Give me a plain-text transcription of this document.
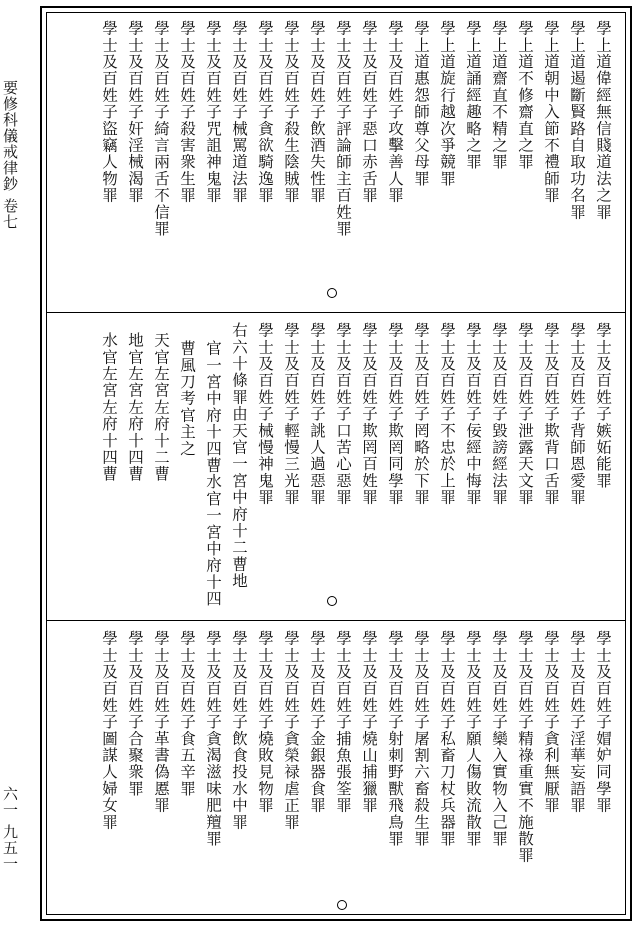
要修科儀戒律鈔 卷七
六一 九五一
學上道偉經無信賤道法之罪
學上道遏斷賢路自取功名罪
學上道朝中入節不禮師罪
學上道不修齋直之罪
學上道齋直不精之罪
學上道誦經趣略之罪
學上道旋行越次爭競罪
學上道惠怨師尊父母罪
學士及百姓子攻擊善人罪
學士及百姓子惡口赤舌罪
學士及百姓子評論師主百姓罪
學士及百姓子飲酒失性罪
學士及百姓子殺生陰賊罪
學士及百姓子貪欲騎逸罪
學士及百姓子械罵道法罪
學士及百姓子咒詛神鬼罪
學士及百姓子殺害衆生罪
學士及百姓子綺言兩舌不信罪
學士及百姓子奸淫械渴罪
學士及百姓子盜竊人物罪
學士及百姓子嫉妬能罪
學士及百姓子背師恩愛罪
學士及百姓子欺背口舌罪
學士及百姓子泄露天文罪
學士及百姓子毀謗經法罪
學士及百姓子佞經中悔罪
學士及百姓子不忠於上罪
學士及百姓子罔略於下罪
學士及百姓子欺罔同學罪
學士及百姓子欺罔百姓罪
學士及百姓子口苦心惡罪
學士及百姓子誂人過惡罪
學士及百姓子輕慢三光罪
學士及百姓子械慢神鬼罪
右六十條罪由天官一宮中府十二曹地
官一宮中府十四曹水官一宮中府十四
曹風刀考官主之
天官左宮左府十二曹
地官左宮左府十四曹
水官左宮左府十四曹
學士及百姓子媢妒同學罪
學士及百姓子淫華妄語罪
學士及百姓子貪利無厭罪
學士及百姓子精祿重實不施散罪
學士及百姓子欒入實物入己罪
學士及百姓子願人傷敗流散罪
學士及百姓子私畜刀杖兵器罪
學士及百姓子屠割六畜殺生罪
學士及百姓子射刺野獸飛鳥罪
學士及百姓子燒山捕獵罪
學士及百姓子捕魚張筌罪
學士及百姓子金銀器食罪
學士及百姓子貪榮禄虐正罪
學士及百姓子燒敗見物罪
學士及百姓子飲食投水中罪
學士及百姓子貪渴滋味肥羶罪
學士及百姓子食五辛罪
學士及百姓子革書偽慝罪
學士及百姓子合聚衆罪
學士及百姓子圖謀人婦女罪
